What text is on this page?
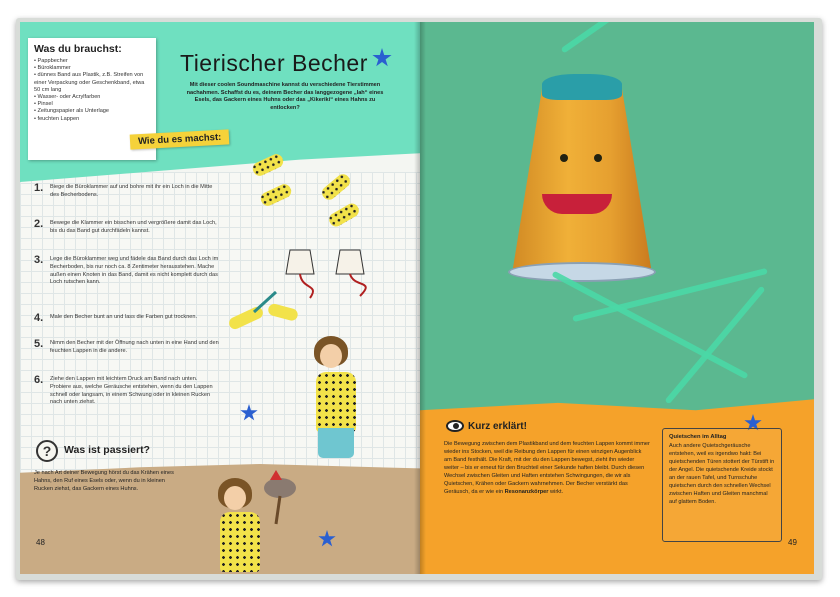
Was du brauchst:
• Pappbecher
• Büroklammer
• dünnes Band aus Plastik, z.B. Streifen von einer Verpackung oder Geschenkband, etwa 50 cm lang
• Wasser- oder Acrylfarben
• Pinsel
• Zeitungspapier als Unterlage
• feuchten Lappen
Tierischer Becher
Mit dieser coolen Soundmaschine kannst du verschiedene Tierstimmen nachahmen. Schaffst du es, deinem Becher das langgezogene „Iah“ eines Esels, das Gackern eines Huhns oder das „Kikeriki“ eines Hahns zu entlocken?
Wie du es machst:
1. Biege die Büroklammer auf und bohre mit ihr ein Loch in die Mitte des Becherbodens.
2. Bewege die Klammer ein bisschen und vergrößere damit das Loch, bis du das Band gut durchfädeln kannst.
3. Lege die Büroklammer weg und fädele das Band durch das Loch im Becherboden, bis nur noch ca. 8 Zentimeter herausstehen. Mache außen einen Knoten in das Band, damit es nicht komplett durch das Loch rutschen kann.
4. Male den Becher bunt an und lass die Farben gut trocknen.
5. Nimm den Becher mit der Öffnung nach unten in eine Hand und den feuchten Lappen in die andere.
6. Ziehe den Lappen mit leichtem Druck am Band nach unten. Probiere aus, welche Geräusche entstehen, wenn du den Lappen schnell oder langsam, in einem Schwung oder in kleinen Rucken nach unten ziehst.
?	Was ist passiert?
Je nach Art deiner Bewegung hörst du das Krähen eines Hahns, den Ruf eines Esels oder, wenn du in kleinen Rucken ziehst, das Gackern eines Huhns.
48
Kurz erklärt!
Die Bewegung zwischen dem Plastikband und dem feuchten Lappen kommt immer wieder ins Stocken, weil die Reibung den Lappen für einen winzigen Augenblick am Band festhält. Die Kraft, mit der du den Lappen bewegst, zieht ihn wieder weiter – bis er erneut für den Bruchteil einer Sekunde haften bleibt. Durch diesen Wechsel zwischen Gleiten und Haften entstehen Schwingungen, die wir als Quietschen, Krähen oder Gackern wahrnehmen. Der Becher verstärkt das Geräusch, da er wie ein Resonanzkörper wirkt.
Quietschen im Alltag
Auch andere Quietschgeräusche entstehen, weil es irgendwo hakt: Bei quietschenden Türen stottert der Türstift in der Angel. Die quietschende Kreide stockt an der rauen Tafel, und Turnschuhe quietschen durch den schnellen Wechsel zwischen Haften und Gleiten manchmal auf glattem Boden.
49
